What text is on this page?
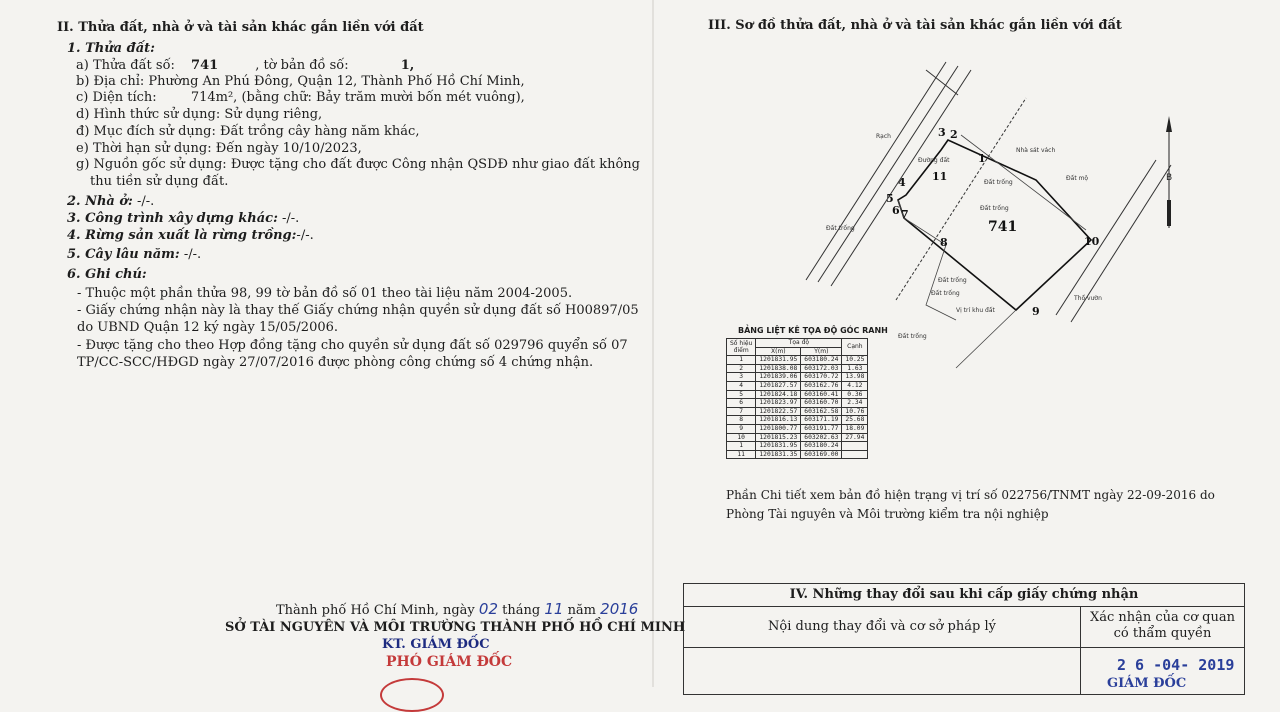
II. Thửa đất, nhà ở và tài sản khác gắn liền với đất
1. Thửa đất:
a) Thửa đất số: 741	, tờ bản đồ số:	1,
b) Địa chỉ: Phường An Phú Đông, Quận 12, Thành Phố Hồ Chí Minh,
c) Diện tích:	714m², (bằng chữ: Bảy trăm mười bốn mét vuông),
d) Hình thức sử dụng: Sử dụng riêng,
đ) Mục đích sử dụng: Đất trồng cây hàng năm khác,
e) Thời hạn sử dụng: Đến ngày 10/10/2023,
g) Nguồn gốc sử dụng: Được tặng cho đất được Công nhận QSDĐ như giao đất không
thu tiền sử dụng đất.
2. Nhà ở: -/-.
3. Công trình xây dựng khác: -/-.
4. Rừng sản xuất là rừng trồng:-/-.
5. Cây lâu năm: -/-.
6. Ghi chú:
- Thuộc một phần thửa 98, 99 tờ bản đồ số 01 theo tài liệu năm 2004-2005.
- Giấy chứng nhận này là thay thế Giấy chứng nhận quyền sử dụng đất số H00897/05
do UBND Quận 12 ký ngày 15/05/2006.
- Được tặng cho theo Hợp đồng tặng cho quyền sử dụng đất số 029796 quyển số 07
TP/CC-SCC/HĐGD ngày 27/07/2016 được phòng công chứng số 4 chứng nhận.
Thành phố Hồ Chí Minh, ngày 02 tháng 11 năm 2016
SỞ TÀI NGUYÊN VÀ MÔI TRƯỜNG THÀNH PHỐ HỒ CHÍ MINH
KT. GIÁM ĐỐC
PHÓ GIÁM ĐỐC
III. Sơ đồ thửa đất, nhà ở và tài sản khác gắn liền với đất
2
3
1
4
5
6 7
8
9
10
11
741
Rạch
Đường đất
Đất trống
Đất trống
Đất mộ
Nhà sát vách
Đất trống
Đất trống
Vị trí khu đất
Thổ vườn
Đất trống
Đất trống
B
BẢNG LIỆT KÊ TỌA ĐỘ GÓC RANH
Số hiệu
điểm	Tọa độ		Cạnh
	X(m)	Y(m)	
1	1201831.95	603180.24	10.25
2	1201838.08	603172.03	1.63
3	1201839.06	603170.72	13.98
4	1201827.57	603162.76	4.12
5	1201824.18	603160.41	0.36
6	1201823.97	603160.70	2.34
7	1201822.57	603162.58	10.76
8	1201816.13	603171.19	25.68
9	1201800.77	603191.77	18.09
10	1201815.23	603202.63	27.94
1	1201831.95	603180.24	
11	1201831.35	603169.00	
Phần Chi tiết xem bản đồ hiện trạng vị trí số 022756/TNMT ngày 22-09-2016 do
Phòng Tài nguyên và Môi trường kiểm tra nội nghiệp
IV. Những thay đổi sau khi cấp giấy chứng nhận
Nội dung thay đổi và cơ sở pháp lý
Xác nhận của cơ quan
có thẩm quyền
2 6 -04- 2019
GIÁM ĐỐC
